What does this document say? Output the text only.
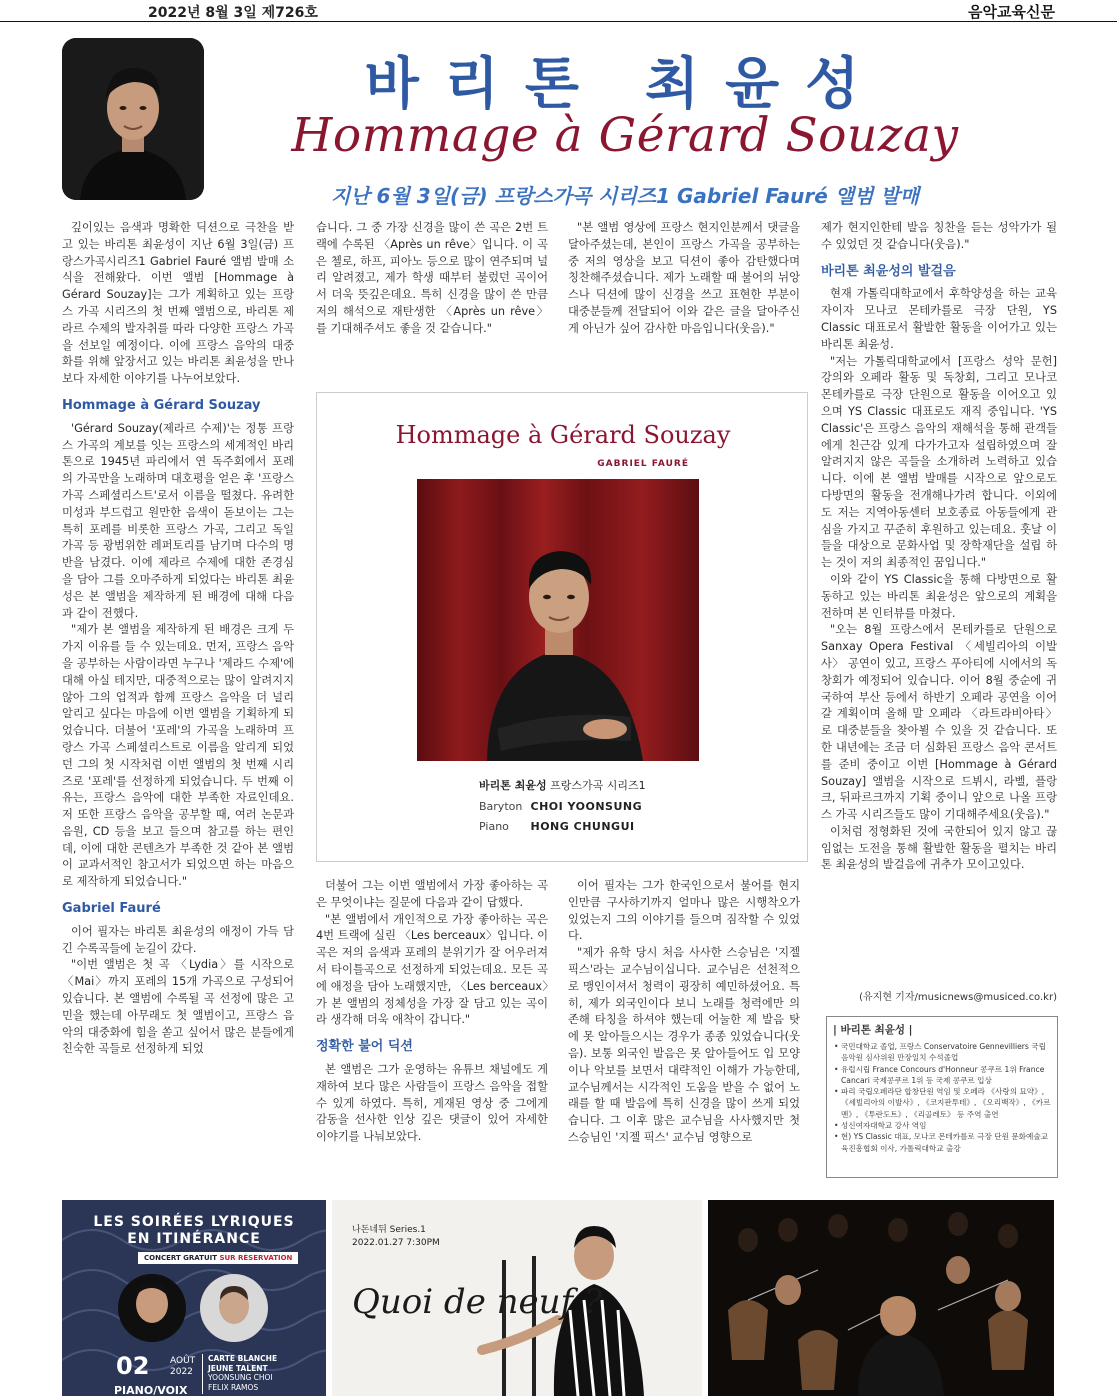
2022년 8월 3일 제726호	음악교육신문
바리톤 최윤성
Hommage à Gérard Souzay
지난 6월 3일(금) 프랑스가곡 시리즈1 Gabriel Fauré 앨범 발매

깊이있는 음색과 명확한 딕션으로 극찬을 받고 있는 바리톤 최윤성이 지난 6월 3일(금) 프랑스가곡시리즈1 Gabriel Fauré 앨범 발매 소식을 전해왔다. 이번 앨범 [Hommage à Gérard Souzay]는 그가 계획하고 있는 프랑스 가곡 시리즈의 첫 번째 앨범으로, 바리톤 제라르 수제의 발자취를 따라 다양한 프랑스 가곡을 선보일 예정이다. 이에 프랑스 음악의 대중화를 위해 앞장서고 있는 바리톤 최윤성을 만나 보다 자세한 이야기를 나누어보았다.

Hommage à Gérard Souzay

'Gérard Souzay(제라르 수제)'는 정통 프랑스 가곡의 계보를 잇는 프랑스의 세계적인 바리톤으로 1945년 파리에서 연 독주회에서 포레의 가곡만을 노래하며 대호평을 얻은 후 '프랑스 가곡 스페셜리스트'로서 이름을 떨쳤다. 유려한 미성과 부드럽고 원만한 음색이 돋보이는 그는 특히 포레를 비롯한 프랑스 가곡, 그리고 독일 가곡 등 광범위한 레퍼토리를 남기며 다수의 명반을 남겼다. 이에 제라르 수제에 대한 존경심을 담아 그를 오마주하게 되었다는 바리톤 최윤성은 본 앨범을 제작하게 된 배경에 대해 다음과 같이 전했다.

"제가 본 앨범을 제작하게 된 배경은 크게 두 가지 이유를 들 수 있는데요. 먼저, 프랑스 음악을 공부하는 사람이라면 누구나 '제라드 수제'에 대해 아실 테지만, 대중적으로는 많이 알려지지 않아 그의 업적과 함께 프랑스 음악을 더 널리 알리고 싶다는 마음에 이번 앨범을 기획하게 되었습니다. 더불어 '포레'의 가곡을 노래하며 프랑스 가곡 스페셜리스트로 이름을 알리게 되었던 그의 첫 시작처럼 이번 앨범의 첫 번째 시리즈로 '포레'를 선정하게 되었습니다. 두 번째 이유는, 프랑스 음악에 대한 부족한 자료인데요. 저 또한 프랑스 음악을 공부할 때, 여러 논문과 음원, CD 등을 보고 들으며 참고를 하는 편인데, 이에 대한 콘텐츠가 부족한 것 같아 본 앨범이 교과서적인 참고서가 되었으면 하는 마음으로 제작하게 되었습니다."

Gabriel Fauré

이어 필자는 바리톤 최윤성의 애정이 가득 담긴 수록곡들에 눈길이 갔다.

"이번 앨범은 첫 곡 〈Lydia〉를 시작으로 〈Mai〉까지 포레의 15개 가곡으로 구성되어있습니다. 본 앨범에 수록될 곡 선정에 많은 고민을 했는데 아무래도 첫 앨범이고, 프랑스 음악의 대중화에 힘을 쏟고 싶어서 많은 분들에게 친숙한 곡들로 선정하게 되었

습니다. 그 중 가장 신경을 많이 쓴 곡은 2번 트랙에 수록된 〈Après un rêve〉입니다. 이 곡은 첼로, 하프, 피아노 등으로 많이 연주되며 널리 알려졌고, 제가 학생 때부터 불렀던 곡이어서 더욱 뜻깊은데요. 특히 신경을 많이 쓴 만큼 저의 해석으로 재탄생한 〈Après un rêve〉를 기대해주셔도 좋을 것 같습니다."

"본 앨범 영상에 프랑스 현지인분께서 댓글을 달아주셨는데, 본인이 프랑스 가곡을 공부하는 중 저의 영상을 보고 딕션이 좋아 감탄했다며 칭찬해주셨습니다. 제가 노래할 때 불어의 뉘앙스나 딕션에 많이 신경을 쓰고 표현한 부분이 대중분들께 전달되어 이와 같은 글을 달아주신 게 아닌가 싶어 감사한 마음입니다(웃음)."

Hommage à Gérard Souzay
GABRIEL FAURÉ
바리톤 최윤성 프랑스가곡 시리즈1
Baryton CHOI YOONSUNG
Piano HONG CHUNGUI

더불어 그는 이번 앨범에서 가장 좋아하는 곡은 무엇이냐는 질문에 다음과 같이 답했다.

"본 앨범에서 개인적으로 가장 좋아하는 곡은 4번 트랙에 실린 〈Les berceaux〉입니다. 이 곡은 저의 음색과 포레의 분위기가 잘 어우러져서 타이틀곡으로 선정하게 되었는데요. 모든 곡에 애정을 담아 노래했지만, 〈Les berceaux〉가 본 앨범의 정체성을 가장 잘 담고 있는 곡이라 생각해 더욱 애착이 갑니다."

정확한 불어 딕션

본 앨범은 그가 운영하는 유튜브 채널에도 게재하여 보다 많은 사람들이 프랑스 음악을 접할 수 있게 하였다. 특히, 게재된 영상 중 그에게 감동을 선사한 인상 깊은 댓글이 있어 자세한 이야기를 나눠보았다.

이어 필자는 그가 한국인으로서 불어를 현지인만큼 구사하기까지 얼마나 많은 시행착오가 있었는지 그의 이야기를 들으며 짐작할 수 있었다.

"제가 유학 당시 처음 사사한 스승님은 '지젤 픽스'라는 교수님이십니다. 교수님은 선천적으로 맹인이셔서 청력이 굉장히 예민하셨어요. 특히, 제가 외국인이다 보니 노래를 청력에만 의존해 타칭을 하셔야 했는데 어눌한 제 발음 탓에 못 알아들으시는 경우가 종종 있었습니다(웃음). 보통 외국인 발음은 못 알아들어도 입 모양이나 악보를 보면서 대략적인 이해가 가능한데, 교수님께서는 시각적인 도움을 받을 수 없어 노래를 할 때 발음에 특히 신경을 많이 쓰게 되었습니다. 그 이후 많은 교수님을 사사했지만 첫 스승님인 '지젤 픽스' 교수님 영향으로

제가 현지인한테 발음 칭찬을 듣는 성악가가 될 수 있었던 것 같습니다(웃음)."

바리톤 최윤성의 발걸음

현재 가톨릭대학교에서 후학양성을 하는 교육자이자 모나코 몬테카를로 극장 단원, YS Classic 대표로서 활발한 활동을 이어가고 있는 바리톤 최윤성.

"저는 가톨릭대학교에서 [프랑스 성악 문헌] 강의와 오페라 활동 및 독창회, 그리고 모나코 몬테카를로 극장 단원으로 활동을 이어오고 있으며 YS Classic 대표로도 재직 중입니다. 'YS Classic'은 프랑스 음악의 재해석을 통해 관객들에게 친근감 있게 다가가고자 설립하였으며 잘 알려지지 않은 곡들을 소개하려 노력하고 있습니다. 이에 본 앨범 발매를 시작으로 앞으로도 다방면의 활동을 전개해나가려 합니다. 이외에도 저는 지역아동센터 보호종료 아동들에게 관심을 가지고 꾸준히 후원하고 있는데요. 훗날 이들을 대상으로 문화사업 및 장학재단을 설립 하는 것이 저의 최종적인 꿈입니다."

이와 같이 YS Classic을 통해 다방면으로 활동하고 있는 바리톤 최윤성은 앞으로의 계획을 전하며 본 인터뷰를 마쳤다.

"오는 8월 프랑스에서 몬테카를로 단원으로 Sanxay Opera Festival 〈세빌리아의 이발사〉 공연이 있고, 프랑스 푸아티에 시에서의 독창회가 예정되어 있습니다. 이어 8월 중순에 귀국하여 부산 등에서 하반기 오페라 공연을 이어갈 계획이며 올해 말 오페라 〈라트라비아타〉로 대중분들을 찾아뵐 수 있을 것 같습니다. 또한 내년에는 조금 더 심화된 프랑스 음악 콘서트를 준비 중이고 이번 [Hommage à Gérard Souzay] 앨범을 시작으로 드뷔시, 라벨, 플랑크, 뒤파르크까지 기획 중이니 앞으로 나올 프랑스 가곡 시리즈들도 많이 기대해주세요(웃음)."

이처럼 정형화된 것에 국한되어 있지 않고 끊임없는 도전을 통해 활발한 활동을 펼치는 바리톤 최윤성의 발걸음에 귀추가 모이고있다.

(유지현 기자/musicnews@musiced.co.kr)
| 바리톤 최윤성 |
• 국민대학교 졸업, 프랑스 Conservatoire Gennevilliers 국립음악원 심사위원 만장일치 수석졸업
• 유럽시립 France Concours d'Honneur 콩쿠르 1위 France Cancari 국제콩쿠르 1위 등 국제 콩쿠르 입상
• 파리 국립오페라단 합창단원 역임 및 오페라 《사랑의 묘약》, 《세빌리아의 이발사》, 《코지판투테》, 《오리백작》, 《카르멘》, 《투란도트》, 《리골레토》 등 주역 출연
• 성신여자대학교 강사 역임
• 현) YS Classic 대표, 모나코 몬테카를로 극장 단원 문화예술교육진흥협회 이사, 가톨릭대학교 출강
LES SOIRÉES LYRIQUES
EN ITINÉRANCE
CONCERT GRATUIT SUR RÉSERVATION
02 AOÛT
2022
CARTE BLANCHE
JEUNE TALENT
YOONSUNG CHOI
FELIX RAMOS
PIANO/VOIX
나돈네뒤 Series.1
2022.01.27 7:30PM
Quoi de neuf ?
